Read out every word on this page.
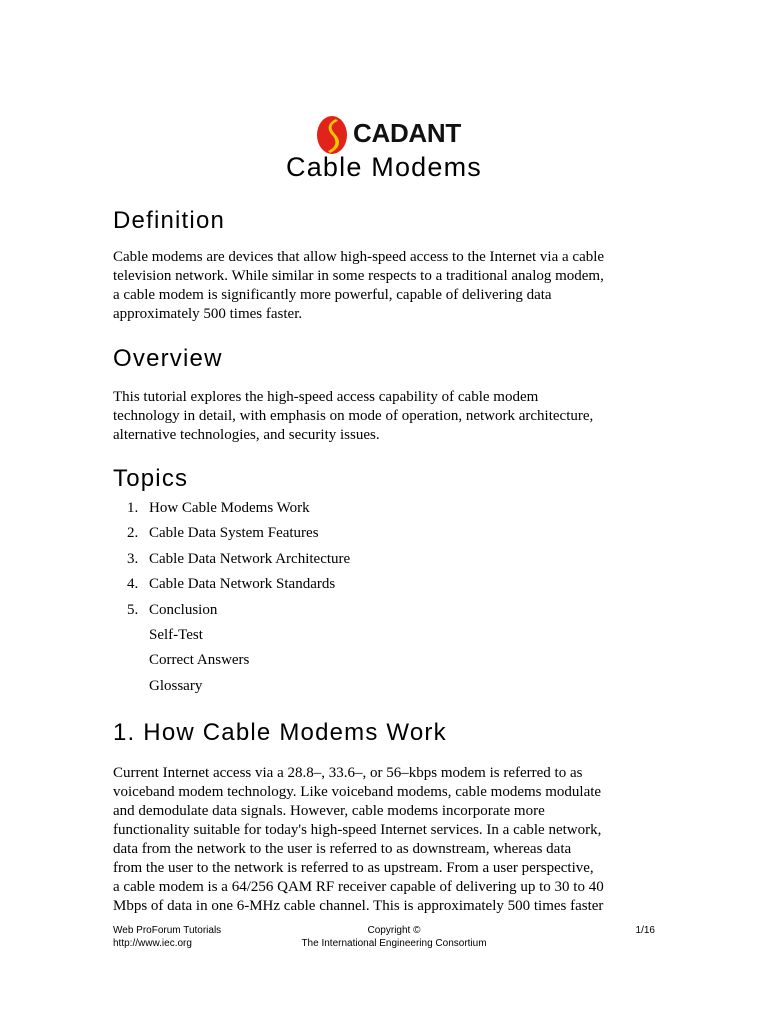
CADANT
Cable Modems
Definition
Cable modems are devices that allow high-speed access to the Internet via a cable
television network. While similar in some respects to a traditional analog modem,
a cable modem is significantly more powerful, capable of delivering data
approximately 500 times faster.
Overview
This tutorial explores the high-speed access capability of cable modem
technology in detail, with emphasis on mode of operation, network architecture,
alternative technologies, and security issues.
Topics
1. How Cable Modems Work
2. Cable Data System Features
3. Cable Data Network Architecture
4. Cable Data Network Standards
5. Conclusion
Self-Test
Correct Answers
Glossary
1. How Cable Modems Work
Current Internet access via a 28.8–, 33.6–, or 56–kbps modem is referred to as
voiceband modem technology. Like voiceband modems, cable modems modulate
and demodulate data signals. However, cable modems incorporate more
functionality suitable for today's high-speed Internet services. In a cable network,
data from the network to the user is referred to as downstream, whereas data
from the user to the network is referred to as upstream. From a user perspective,
a cable modem is a 64/256 QAM RF receiver capable of delivering up to 30 to 40
Mbps of data in one 6-MHz cable channel. This is approximately 500 times faster
Web ProForum Tutorials
http://www.iec.org
Copyright ©
The International Engineering Consortium
1/16
